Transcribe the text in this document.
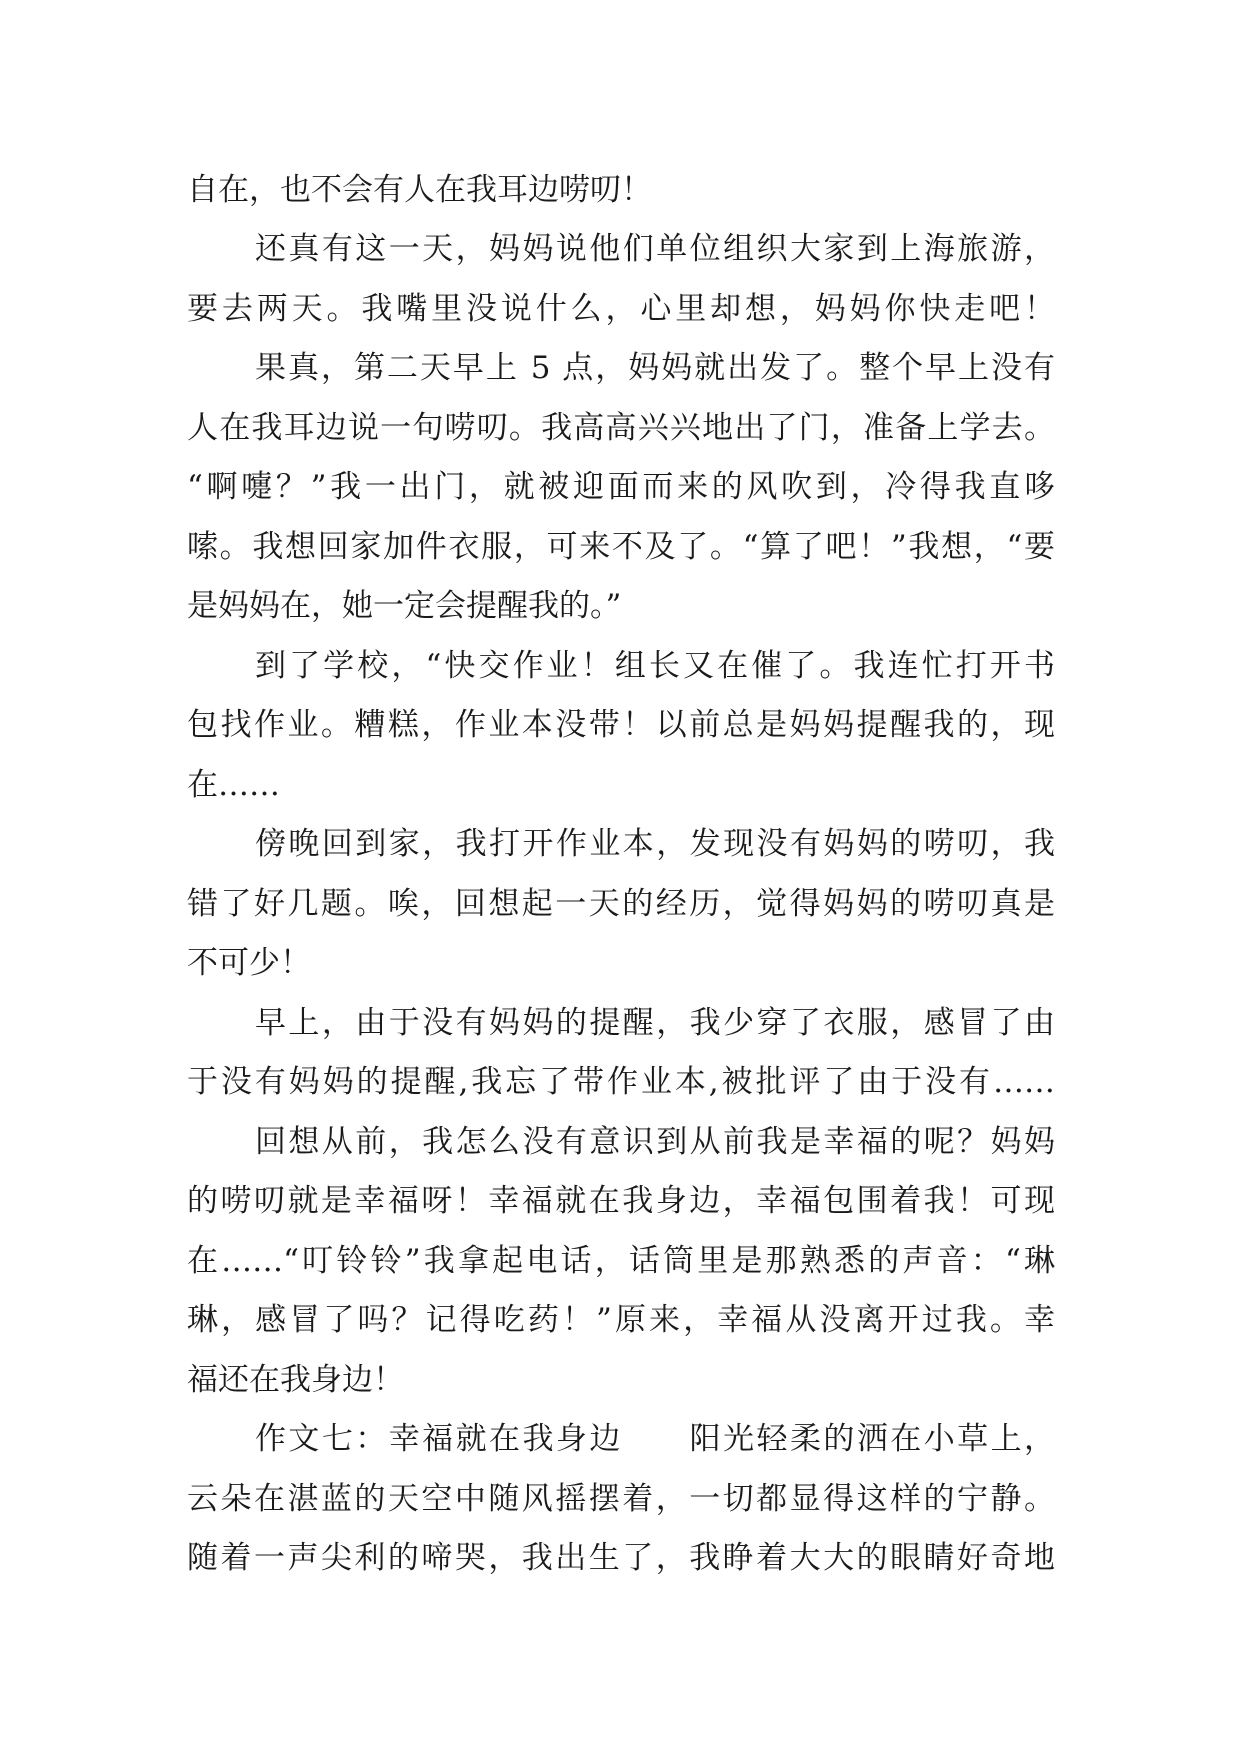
自在，也不会有人在我耳边唠叨！
还真有这一天，妈妈说他们单位组织大家到上海旅游，
要去两天。我嘴里没说什么，心里却想，妈妈你快走吧！
果真，第二天早上 5 点，妈妈就出发了。整个早上没有
人在我耳边说一句唠叨。我高高兴兴地出了门，准备上学去。
“啊嚏？”我一出门，就被迎面而来的风吹到，冷得我直哆
嗦。我想回家加件衣服，可来不及了。“算了吧！”我想，“要
是妈妈在，她一定会提醒我的。”
到了学校，“快交作业！组长又在催了。我连忙打开书
包找作业。糟糕，作业本没带！以前总是妈妈提醒我的，现
在……
傍晚回到家，我打开作业本，发现没有妈妈的唠叨，我
错了好几题。唉，回想起一天的经历，觉得妈妈的唠叨真是
不可少！
早上，由于没有妈妈的提醒，我少穿了衣服，感冒了由
于没有妈妈的提醒,我忘了带作业本,被批评了由于没有……
回想从前，我怎么没有意识到从前我是幸福的呢？妈妈
的唠叨就是幸福呀！幸福就在我身边，幸福包围着我！可现
在……“叮铃铃”我拿起电话，话筒里是那熟悉的声音：“琳
琳，感冒了吗？记得吃药！”原来，幸福从没离开过我。幸
福还在我身边！
作文七：幸福就在我身边　　阳光轻柔的洒在小草上，
云朵在湛蓝的天空中随风摇摆着，一切都显得这样的宁静。
随着一声尖利的啼哭，我出生了，我睁着大大的眼睛好奇地
